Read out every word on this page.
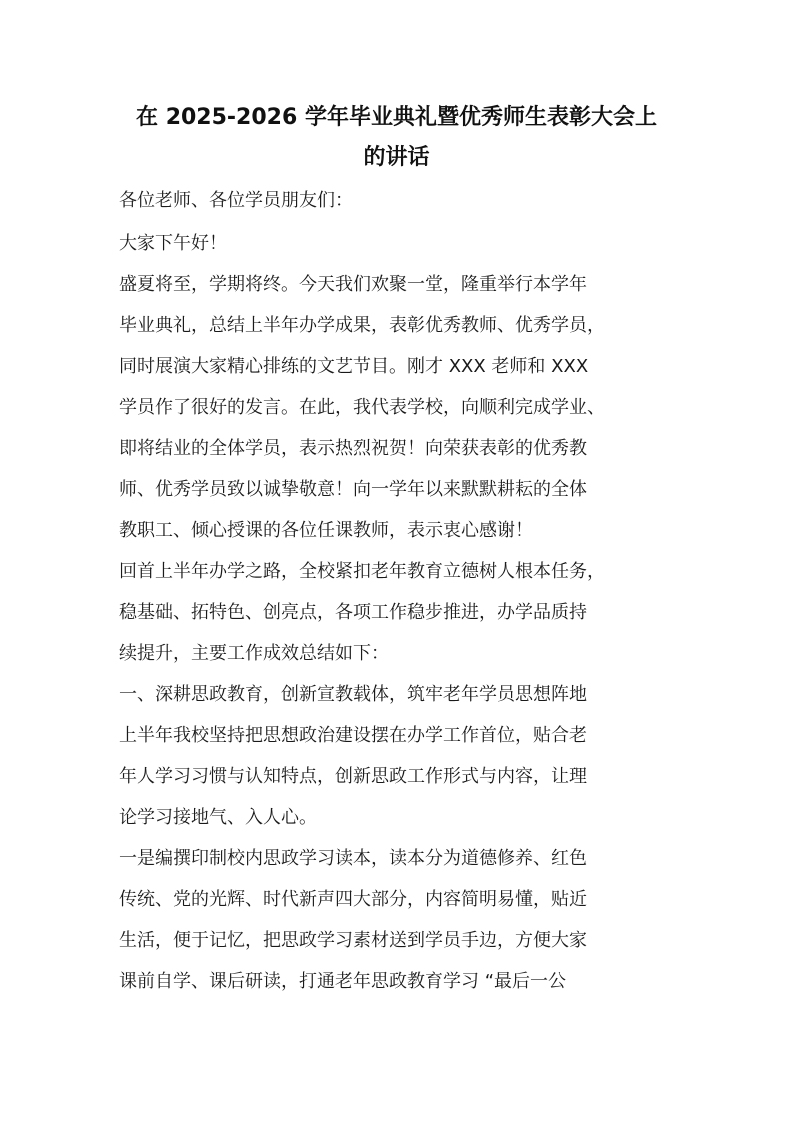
在 2025-2026 学年毕业典礼暨优秀师生表彰大会上
的讲话
各位老师、各位学员朋友们：
大家下午好！
盛夏将至，学期将终。今天我们欢聚一堂，隆重举行本学年
毕业典礼，总结上半年办学成果，表彰优秀教师、优秀学员，
同时展演大家精心排练的文艺节目。刚才 XXX 老师和 XXX
学员作了很好的发言。在此，我代表学校，向顺利完成学业、
即将结业的全体学员，表示热烈祝贺！向荣获表彰的优秀教
师、优秀学员致以诚挚敬意！向一学年以来默默耕耘的全体
教职工、倾心授课的各位任课教师，表示衷心感谢！
回首上半年办学之路，全校紧扣老年教育立德树人根本任务，
稳基础、拓特色、创亮点，各项工作稳步推进，办学品质持
续提升，主要工作成效总结如下：
一、深耕思政教育，创新宣教载体，筑牢老年学员思想阵地
上半年我校坚持把思想政治建设摆在办学工作首位，贴合老
年人学习习惯与认知特点，创新思政工作形式与内容，让理
论学习接地气、入人心。
一是编撰印制校内思政学习读本，读本分为道德修养、红色
传统、党的光辉、时代新声四大部分，内容简明易懂，贴近
生活，便于记忆，把思政学习素材送到学员手边，方便大家
课前自学、课后研读，打通老年思政教育学习 “最后一公
